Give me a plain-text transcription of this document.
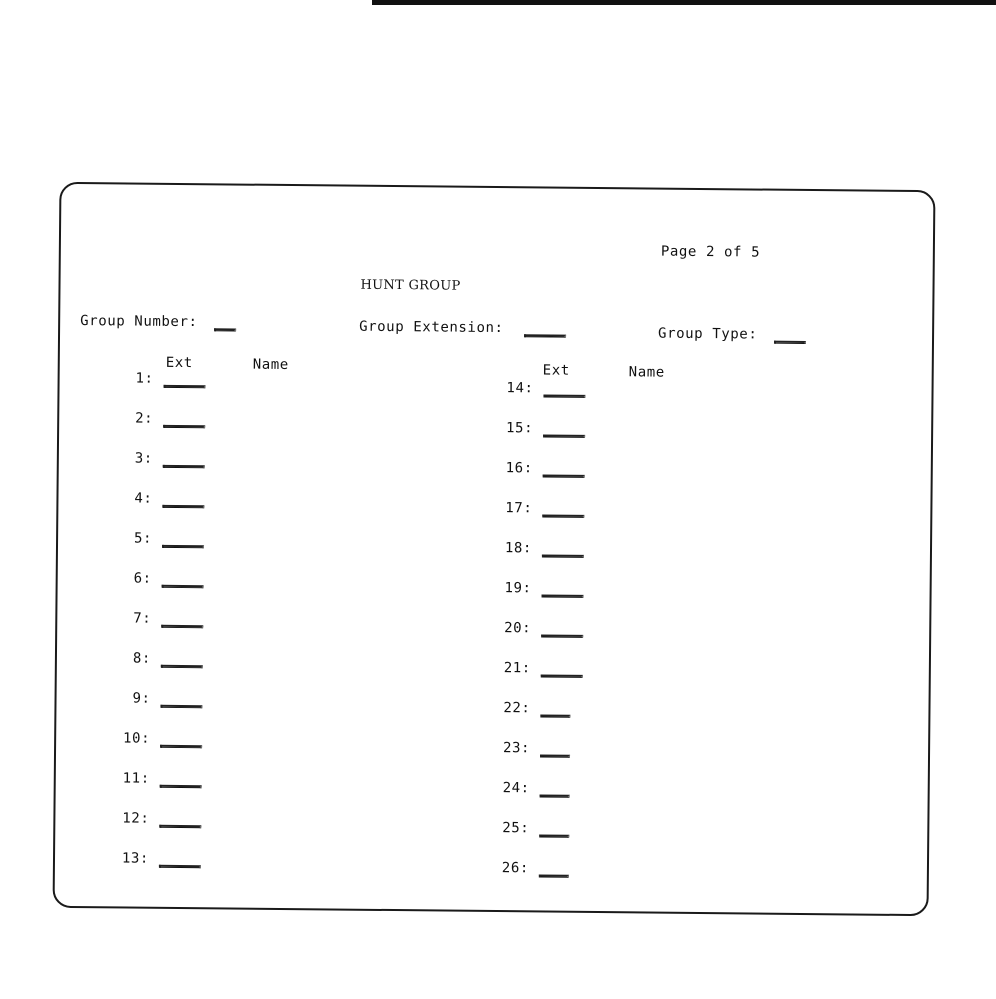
Page 2 of 5
HUNT GROUP
Group Number:	Group Extension:	Group Type:
Ext	Name	Ext	Name
1:
2:
3:
4:
5:
6:
7:
8:
9:
10:
11:
12:
13:
14:
15:
16:
17:
18:
19:
20:
21:
22:
23:
24:
25:
26:
